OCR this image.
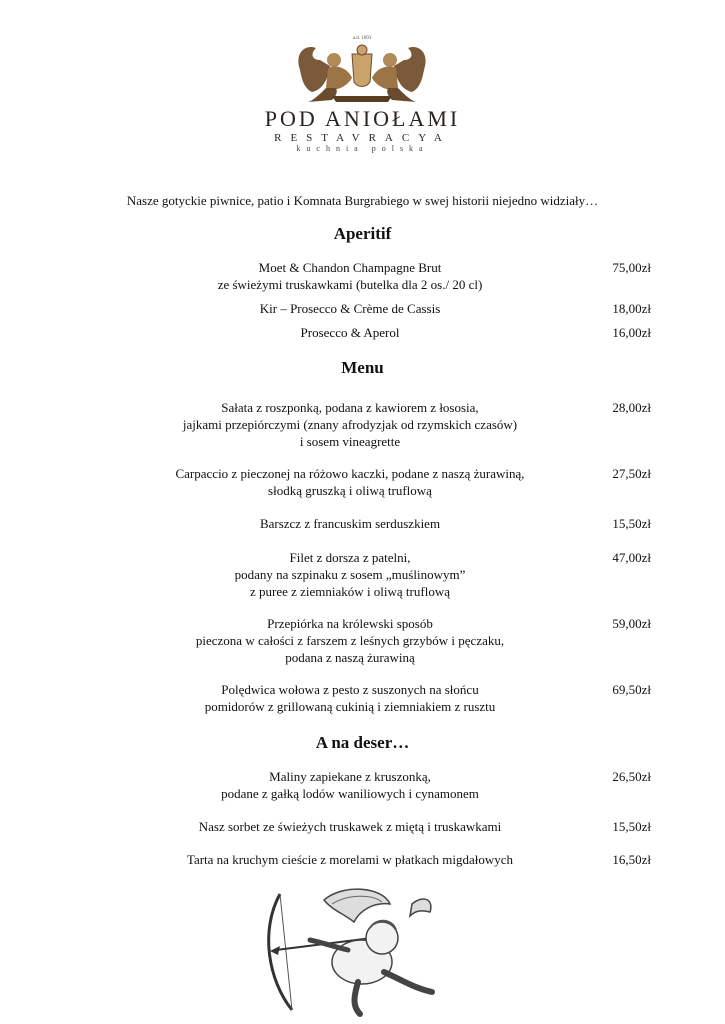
a.d. 1893
POD ANIOŁAMI
RESTAVRACYA
kuchnia polska
Nasze gotyckie piwnice, patio i Komnata Burgrabiego w swej historii niejedno widziały…
Aperitif
Moet & Chandon Champagne Brut
ze świeżymi truskawkami (butelka dla 2 os./ 20 cl)
75,00zł
Kir – Prosecco & Crème de Cassis	18,00zł
Prosecco & Aperol	16,00zł
Menu
Sałata z roszponką, podana z kawiorem z łososia,
jajkami przepiórczymi (znany afrodyzjak od rzymskich czasów)
i sosem vineagrette
28,00zł
Carpaccio z pieczonej na różowo kaczki, podane z naszą żurawiną,
słodką gruszką i oliwą truflową
27,50zł
Barszcz z francuskim serduszkiem	15,50zł
Filet z dorsza z patelni,
podany na szpinaku z sosem „muślinowym”
z puree z ziemniaków i oliwą truflową
47,00zł
Przepiórka na królewski sposób
pieczona w całości z farszem z leśnych grzybów i pęczaku,
podana z naszą żurawiną
59,00zł
Polędwica wołowa z pesto z suszonych na słońcu
pomidorów z grillowaną cukinią i ziemniakiem z rusztu
69,50zł
A na deser…
Maliny zapiekane z kruszonką,
podane z gałką lodów waniliowych i cynamonem
26,50zł
Nasz sorbet ze świeżych truskawek z miętą i truskawkami	15,50zł
Tarta na kruchym cieście z morelami w płatkach migdałowych	16,50zł
